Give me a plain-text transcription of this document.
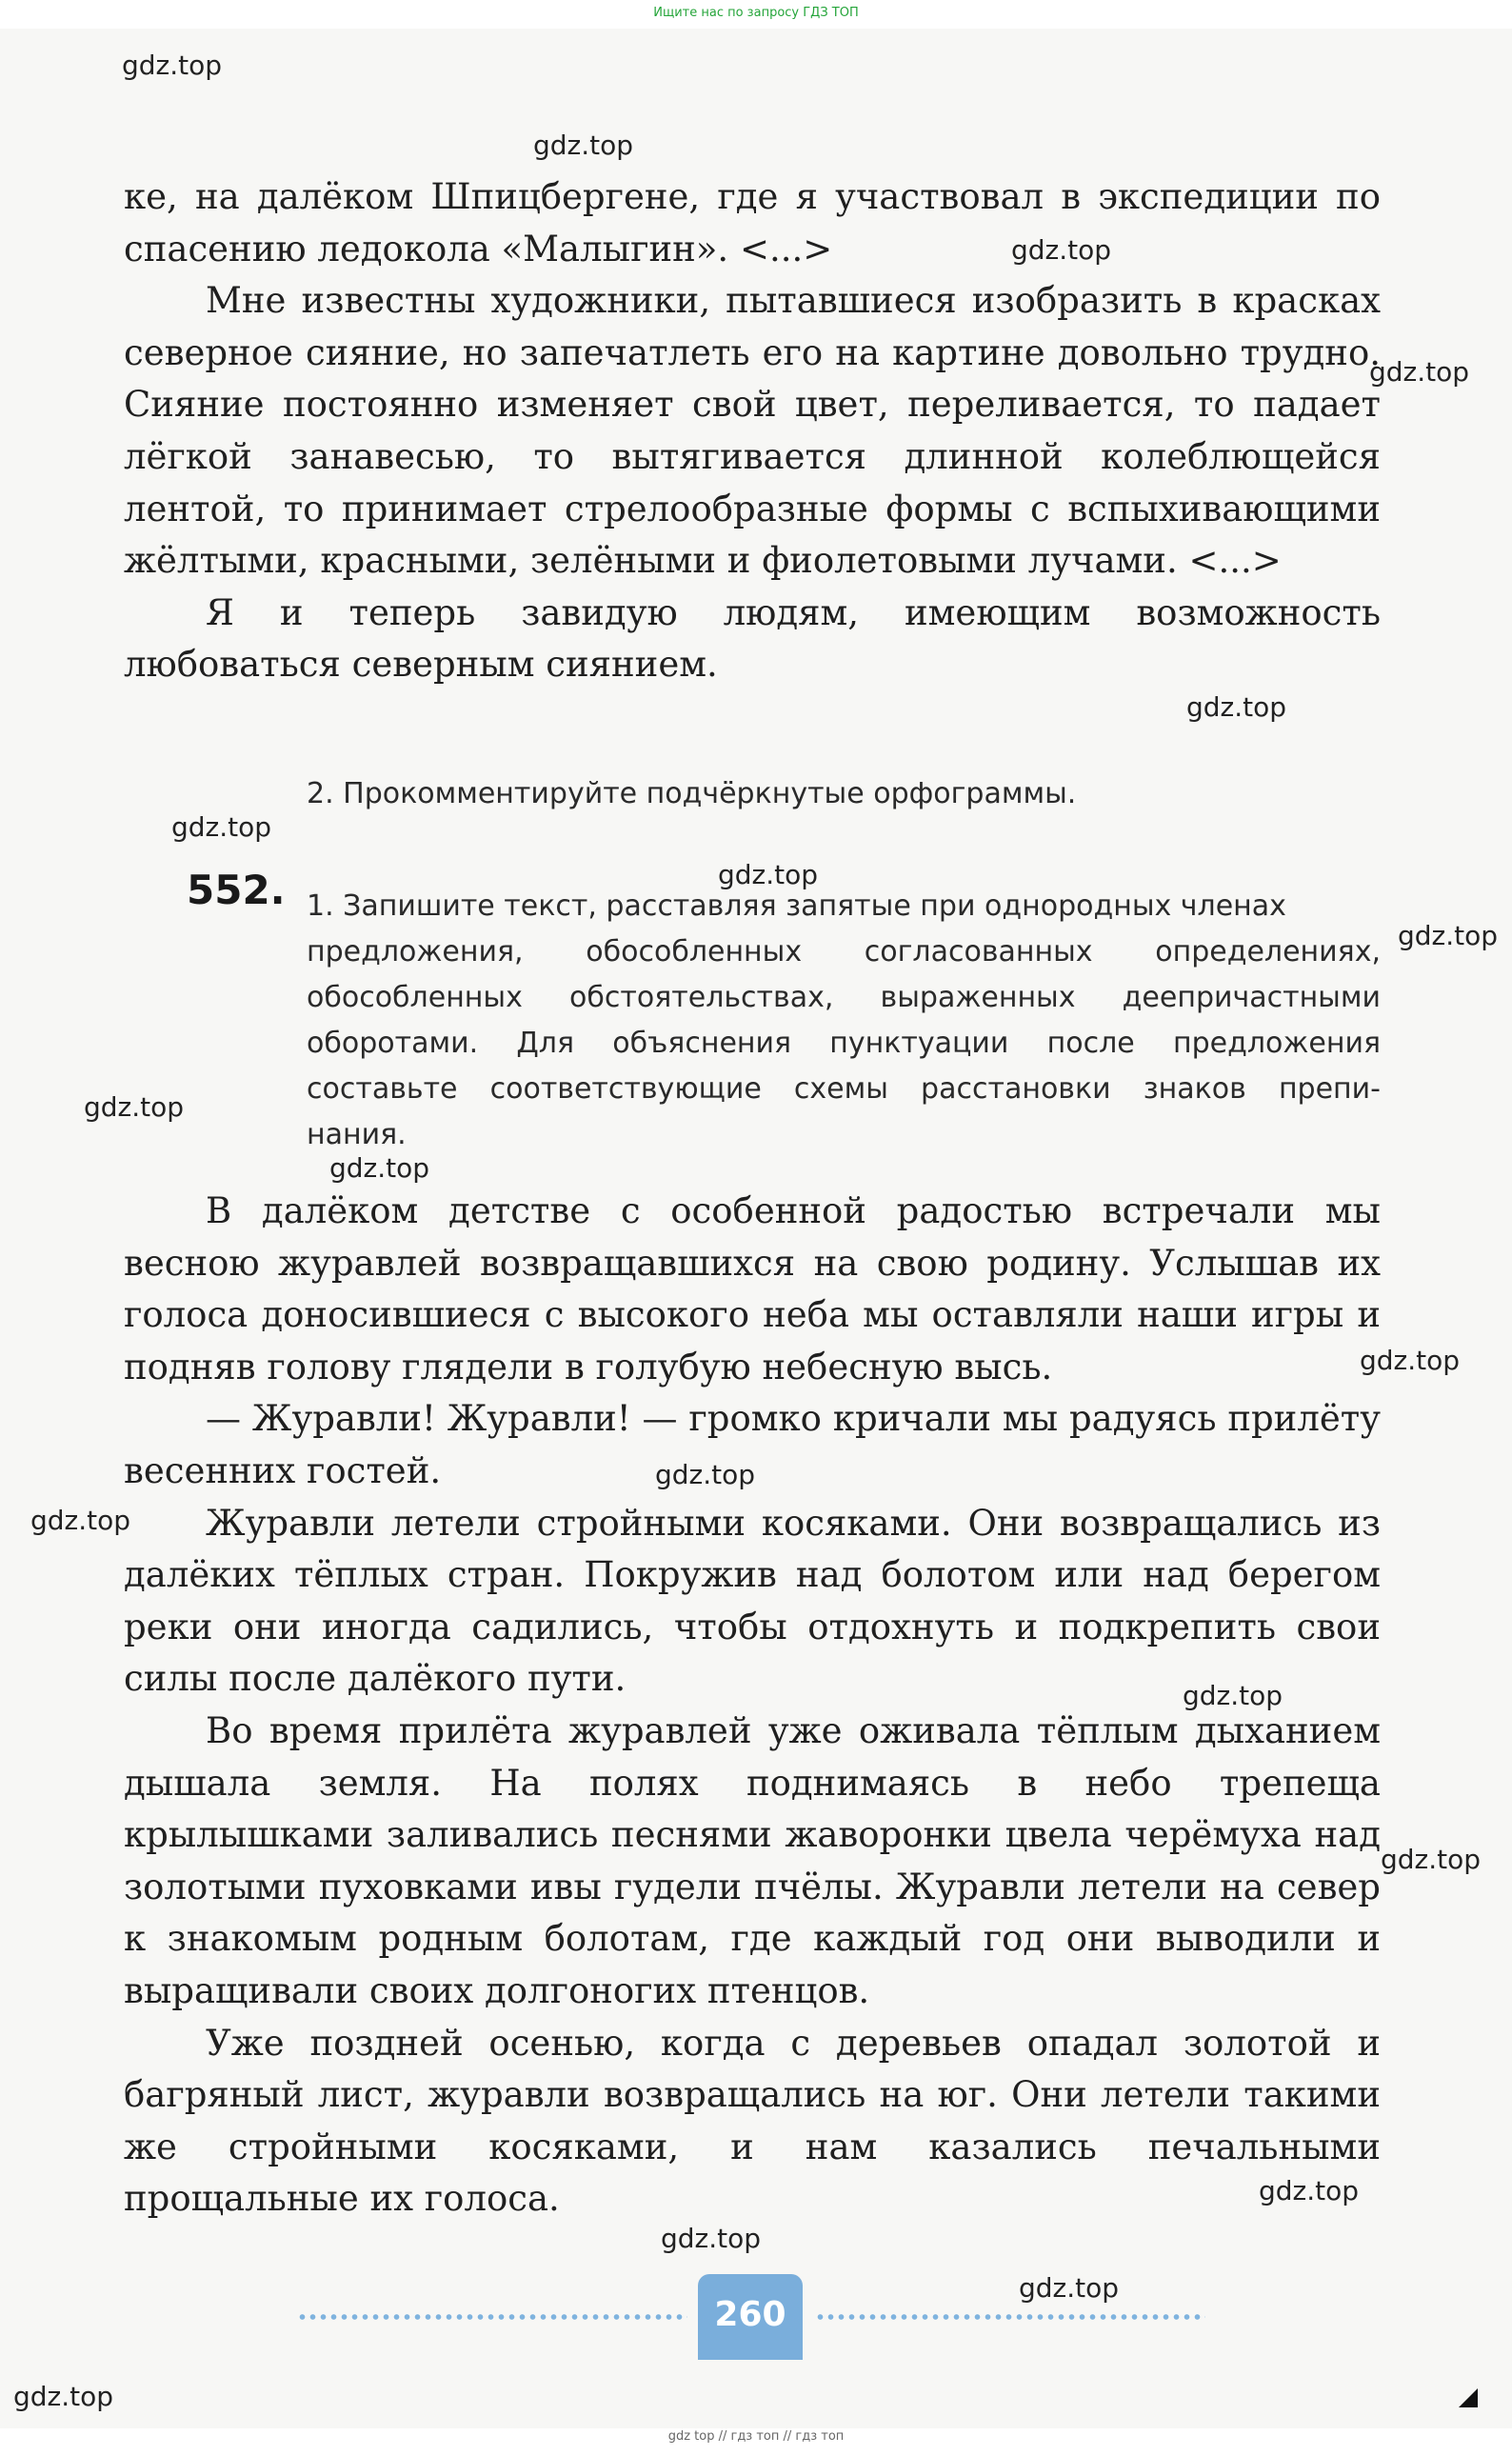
Ищите нас по запросу ГДЗ ТОП

ке, на далёком Шпицбергене, где я участвовал в экспедиции по спасению ледокола «Малыгин». <...>

Мне известны художники, пытавшиеся изобразить в красках северное сияние, но запечатлеть его на картине довольно трудно. Сияние постоянно изменяет свой цвет, переливается, то падает лёгкой занавесью, то вытягивается длинной колеблющейся лентой, то принимает стрелообразные формы с вспыхивающими жёлтыми, красными, зелёными и фиолетовыми лучами. <...>

Я и теперь завидую людям, имеющим возможность любоваться северным сиянием.

2. Прокомментируйте подчёркнутые орфограммы.
552. 1. Запишите текст, расставляя запятые при однородных членах
предложения, обособленных согласованных определениях,
обособленных обстоятельствах, выраженных деепричастными
оборотами. Для объяснения пунктуации после предложения
составьте соответствующие схемы расстановки знаков препи-
нания.

В далёком детстве с особенной радостью встречали мы весною журавлей возвращавшихся на свою родину. Услышав их голоса доносившиеся с высокого неба мы оставляли наши игры и подняв голову глядели в голубую небесную высь.

— Журавли! Журавли! — громко кричали мы радуясь прилёту весенних гостей.

Журавли летели стройными косяками. Они возвращались из далёких тёплых стран. Покружив над болотом или над берегом реки они иногда садились, чтобы отдохнуть и подкрепить свои силы после далёкого пути.

Во время прилёта журавлей уже оживала тёплым дыханием дышала земля. На полях поднимаясь в небо трепеща крылышками заливались песнями жаворонки цвела черёмуха над золотыми пуховками ивы гудели пчёлы. Журавли летели на север к знакомым родным болотам, где каждый год они выводили и выращивали своих долгоногих птенцов.

Уже поздней осенью, когда с деревьев опадал золотой и багряный лист, журавли возвращались на юг. Они летели такими же стройными косяками, и нам казались печальными прощальные их голоса.

260
gdz.top
gdz.top
gdz.top
gdz.top
gdz.top
gdz.top
gdz.top
gdz.top
gdz.top
gdz.top
gdz.top
gdz.top
gdz.top
gdz.top
gdz.top
gdz.top
gdz.top
gdz.top
gdz.top
gdz top // гдз топ // гдз топ
